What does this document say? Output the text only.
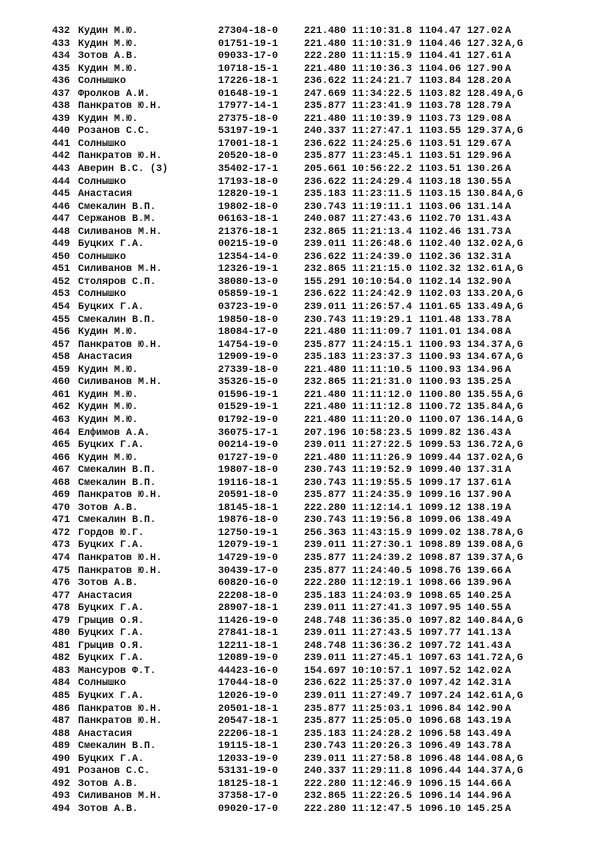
432 Кудин М.Ю.	27304-18-0	221.480 11:10:31.8 1104.47 127.02 A
433 Кудин М.Ю.	01751-19-1	221.480 11:10:31.9 1104.46 127.32 A,G
434 Зотов А.В.	09033-17-0	222.280 11:11:15.9 1104.41 127.61 A
435 Кудин М.Ю.	10718-15-1	221.480 11:10:36.3 1104.06 127.90 A
436 Солнышко	17226-18-1	236.622 11:24:21.7 1103.84 128.20 A
437 Фролков А.И.	01648-19-1	247.669 11:34:22.5 1103.82 128.49 A,G
438 Панкратов Ю.Н.	17977-14-1	235.877 11:23:41.9 1103.78 128.79 A
439 Кудин М.Ю.	27375-18-0	221.480 11:10:39.9 1103.73 129.08 A
440 Розанов С.С.	53197-19-1	240.337 11:27:47.1 1103.55 129.37 A,G
441 Солнышко	17001-18-1	236.622 11:24:25.6 1103.51 129.67 A
442 Панкратов Ю.Н.	20520-18-0	235.877 11:23:45.1 1103.51 129.96 A
443 Аверин В.С. (3)	35402-17-1	205.661 10:56:22.2 1103.51 130.26 A
444 Солнышко	17193-18-0	236.622 11:24:29.4 1103.18 130.55 A
445 Анастасия	12820-19-1	235.183 11:23:11.5 1103.15 130.84 A,G
446 Смекалин В.П.	19802-18-0	230.743 11:19:11.1 1103.06 131.14 A
447 Сержанов В.М.	06163-18-1	240.087 11:27:43.6 1102.70 131.43 A
448 Силиванов М.Н.	21376-18-1	232.865 11:21:13.4 1102.46 131.73 A
449 Буцких Г.А.	00215-19-0	239.011 11:26:48.6 1102.40 132.02 A,G
450 Солнышко	12354-14-0	236.622 11:24:39.0 1102.36 132.31 A
451 Силиванов М.Н.	12326-19-1	232.865 11:21:15.0 1102.32 132.61 A,G
452 Столяров С.П.	38080-13-0	155.291 10:10:54.0 1102.14 132.90 A
453 Солнышко	05859-19-1	236.622 11:24:42.9 1102.03 133.20 A,G
454 Буцких Г.А.	03723-19-0	239.011 11:26:57.4 1101.65 133.49 A,G
455 Смекалин В.П.	19850-18-0	230.743 11:19:29.1 1101.48 133.78 A
456 Кудин М.Ю.	18084-17-0	221.480 11:11:09.7 1101.01 134.08 A
457 Панкратов Ю.Н.	14754-19-0	235.877 11:24:15.1 1100.93 134.37 A,G
458 Анастасия	12909-19-0	235.183 11:23:37.3 1100.93 134.67 A,G
459 Кудин М.Ю.	27339-18-0	221.480 11:11:10.5 1100.93 134.96 A
460 Силиванов М.Н.	35326-15-0	232.865 11:21:31.0 1100.93 135.25 A
461 Кудин М.Ю.	01596-19-1	221.480 11:11:12.0 1100.80 135.55 A,G
462 Кудин М.Ю.	01529-19-1	221.480 11:11:12.8 1100.72 135.84 A,G
463 Кудин М.Ю.	01792-19-0	221.480 11:11:20.0 1100.07 136.14 A,G
464 Елфимов А.А.	36075-17-1	207.196 10:58:23.5 1099.82 136.43 A
465 Буцких Г.А.	00214-19-0	239.011 11:27:22.5 1099.53 136.72 A,G
466 Кудин М.Ю.	01727-19-0	221.480 11:11:26.9 1099.44 137.02 A,G
467 Смекалин В.П.	19807-18-0	230.743 11:19:52.9 1099.40 137.31 A
468 Смекалин В.П.	19116-18-1	230.743 11:19:55.5 1099.17 137.61 A
469 Панкратов Ю.Н.	20591-18-0	235.877 11:24:35.9 1099.16 137.90 A
470 Зотов А.В.	18145-18-1	222.280 11:12:14.1 1099.12 138.19 A
471 Смекалин В.П.	19876-18-0	230.743 11:19:56.8 1099.06 138.49 A
472 Гордов Ю.Г.	12750-19-1	256.363 11:43:15.9 1099.02 138.78 A,G
473 Буцких Г.А.	12079-19-1	239.011 11:27:30.1 1098.89 139.08 A,G
474 Панкратов Ю.Н.	14729-19-0	235.877 11:24:39.2 1098.87 139.37 A,G
475 Панкратов Ю.Н.	30439-17-0	235.877 11:24:40.5 1098.76 139.66 A
476 Зотов А.В.	60820-16-0	222.280 11:12:19.1 1098.66 139.96 A
477 Анастасия	22208-18-0	235.183 11:24:03.9 1098.65 140.25 A
478 Буцких Г.А.	28907-18-1	239.011 11:27:41.3 1097.95 140.55 A
479 Грыцив О.Я.	11426-19-0	248.748 11:36:35.0 1097.82 140.84 A,G
480 Буцких Г.А.	27841-18-1	239.011 11:27:43.5 1097.77 141.13 A
481 Грыцив О.Я.	12211-18-1	248.748 11:36:36.2 1097.72 141.43 A
482 Буцких Г.А.	12089-19-0	239.011 11:27:45.1 1097.63 141.72 A,G
483 Мансуров Ф.Т.	44423-16-0	154.697 10:10:57.1 1097.52 142.02 A
484 Солнышко	17044-18-0	236.622 11:25:37.0 1097.42 142.31 A
485 Буцких Г.А.	12026-19-0	239.011 11:27:49.7 1097.24 142.61 A,G
486 Панкратов Ю.Н.	20501-18-1	235.877 11:25:03.1 1096.84 142.90 A
487 Панкратов Ю.Н.	20547-18-1	235.877 11:25:05.0 1096.68 143.19 A
488 Анастасия	22206-18-1	235.183 11:24:28.2 1096.58 143.49 A
489 Смекалин В.П.	19115-18-1	230.743 11:20:26.3 1096.49 143.78 A
490 Буцких Г.А.	12033-19-0	239.011 11:27:58.8 1096.48 144.08 A,G
491 Розанов С.С.	53131-19-0	240.337 11:29:11.8 1096.44 144.37 A,G
492 Зотов А.В.	18125-18-1	222.280 11:12:46.9 1096.15 144.66 A
493 Силиванов М.Н.	37358-17-0	232.865 11:22:26.5 1096.14 144.96 A
494 Зотов А.В.	09020-17-0	222.280 11:12:47.5 1096.10 145.25 A
